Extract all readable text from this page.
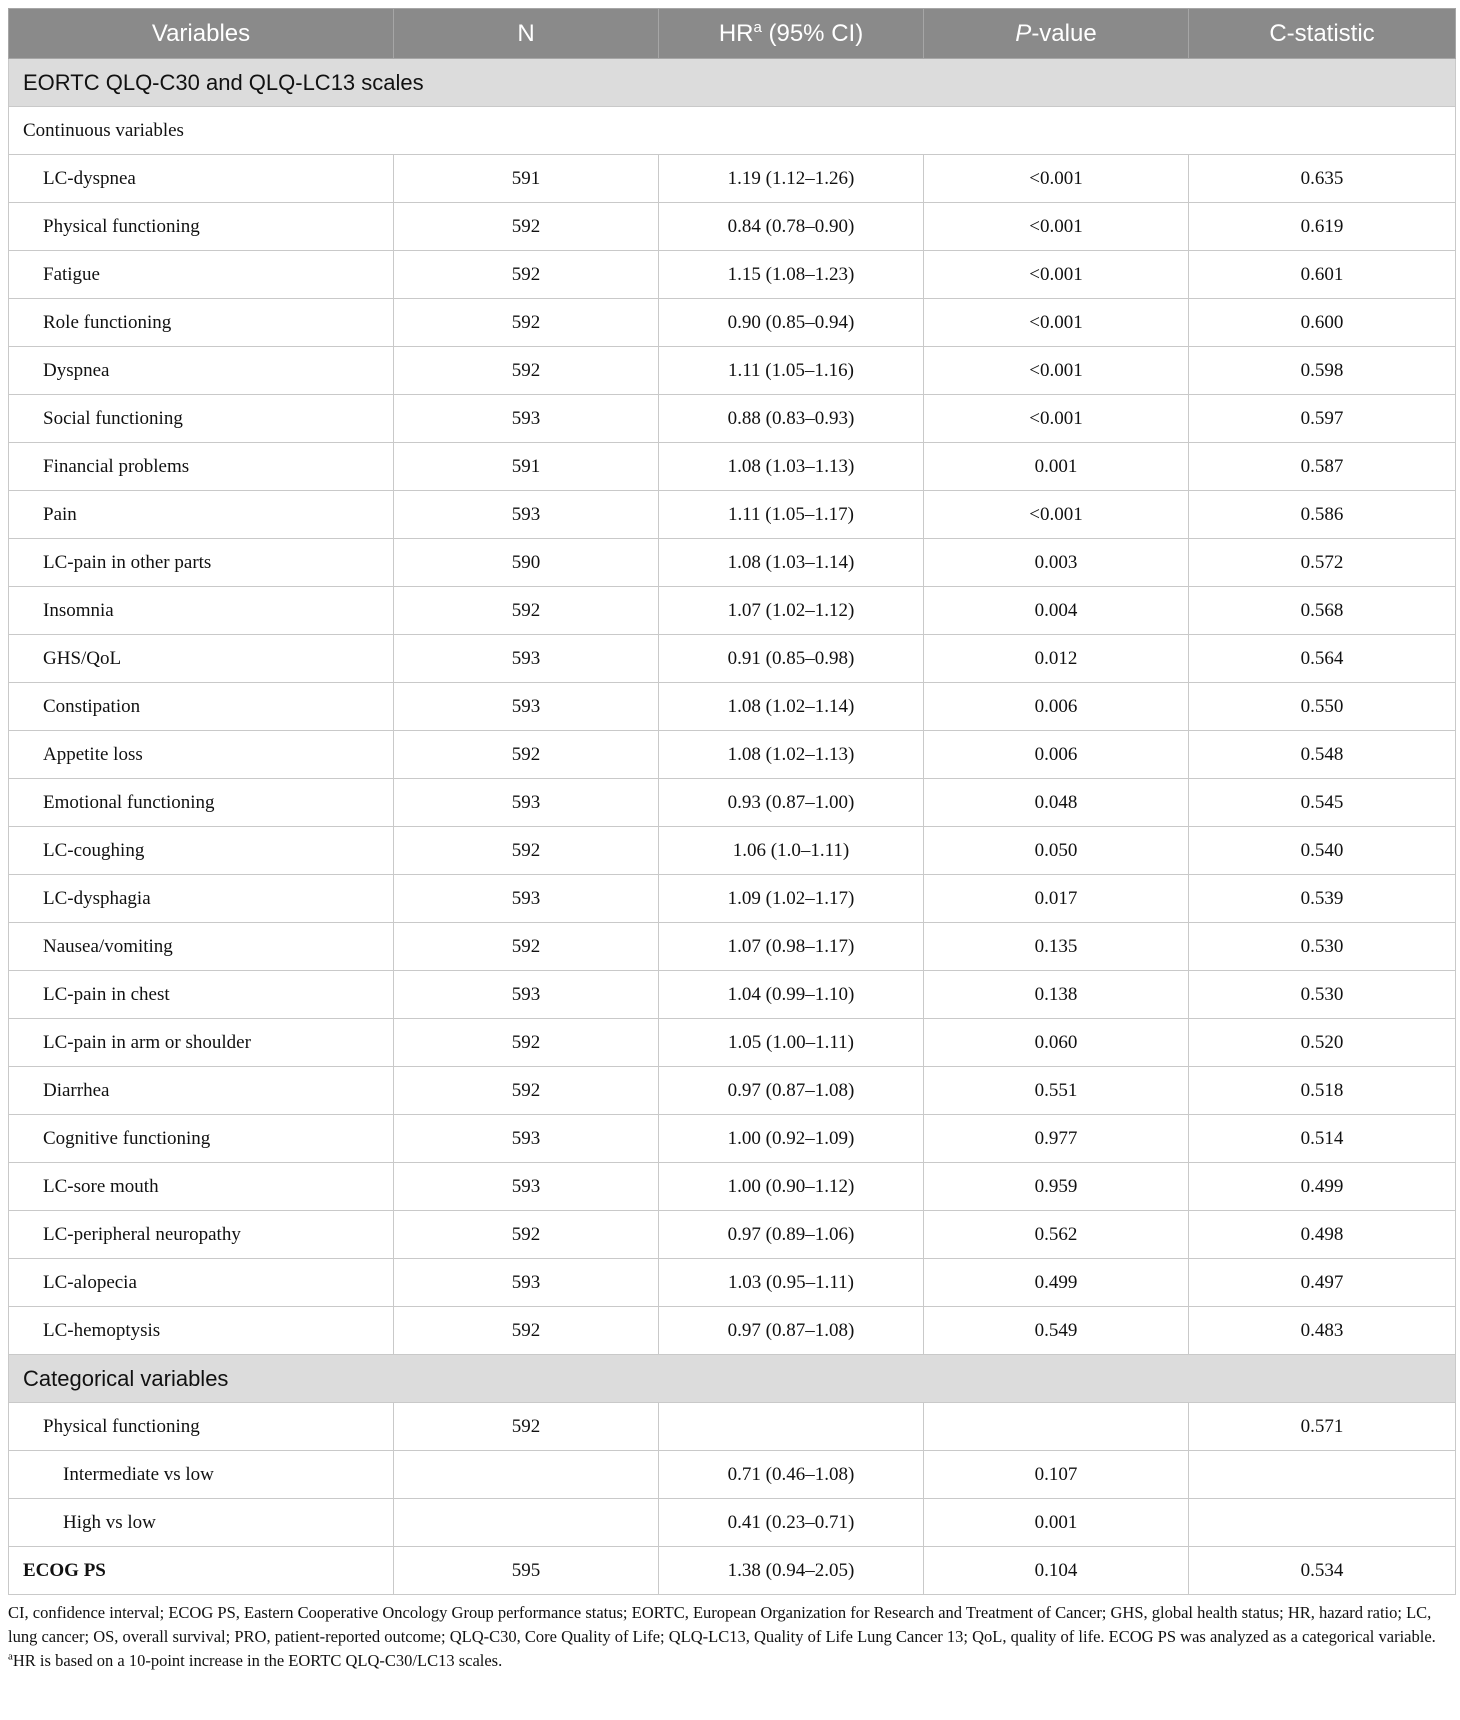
Variables	N	$HR^a$ (95% CI)	P-value	C-statistic
EORTC QLQ-C30 and QLQ-LC13 scales				
Continuous variables				
LC-dyspnea	591	1.19 (1.12–1.26)	<0.001	0.635
Physical functioning	592	0.84 (0.78–0.90)	<0.001	0.619
Fatigue	592	1.15 (1.08–1.23)	<0.001	0.601
Role functioning	592	0.90 (0.85–0.94)	<0.001	0.600
Dyspnea	592	1.11 (1.05–1.16)	<0.001	0.598
Social functioning	593	0.88 (0.83–0.93)	<0.001	0.597
Financial problems	591	1.08 (1.03–1.13)	0.001	0.587
Pain	593	1.11 (1.05–1.17)	<0.001	0.586
LC-pain in other parts	590	1.08 (1.03–1.14)	0.003	0.572
Insomnia	592	1.07 (1.02–1.12)	0.004	0.568
GHS/QoL	593	0.91 (0.85–0.98)	0.012	0.564
Constipation	593	1.08 (1.02–1.14)	0.006	0.550
Appetite loss	592	1.08 (1.02–1.13)	0.006	0.548
Emotional functioning	593	0.93 (0.87–1.00)	0.048	0.545
LC-coughing	592	1.06 (1.0–1.11)	0.050	0.540
LC-dysphagia	593	1.09 (1.02–1.17)	0.017	0.539
Nausea/vomiting	592	1.07 (0.98–1.17)	0.135	0.530
LC-pain in chest	593	1.04 (0.99–1.10)	0.138	0.530
LC-pain in arm or shoulder	592	1.05 (1.00–1.11)	0.060	0.520
Diarrhea	592	0.97 (0.87–1.08)	0.551	0.518
Cognitive functioning	593	1.00 (0.92–1.09)	0.977	0.514
LC-sore mouth	593	1.00 (0.90–1.12)	0.959	0.499
LC-peripheral neuropathy	592	0.97 (0.89–1.06)	0.562	0.498
LC-alopecia	593	1.03 (0.95–1.11)	0.499	0.497
LC-hemoptysis	592	0.97 (0.87–1.08)	0.549	0.483
Categorical variables				
Physical functioning	592			0.571
Intermediate vs low		0.71 (0.46–1.08)	0.107	
High vs low		0.41 (0.23–0.71)	0.001	
ECOG PS	595	1.38 (0.94–2.05)	0.104	0.534
CI, confidence interval; ECOG PS, Eastern Cooperative Oncology Group performance status; EORTC, European Organization for Research and Treatment of Cancer; GHS, global health status; HR, hazard ratio; LC, lung cancer; OS, overall survival; PRO, patient-reported outcome; QLQ-C30, Core Quality of Life; QLQ-LC13, Quality of Life Lung Cancer 13; QoL, quality of life. ECOG PS was analyzed as a categorical variable.
$^a$HR is based on a 10-point increase in the EORTC QLQ-C30/LC13 scales.
